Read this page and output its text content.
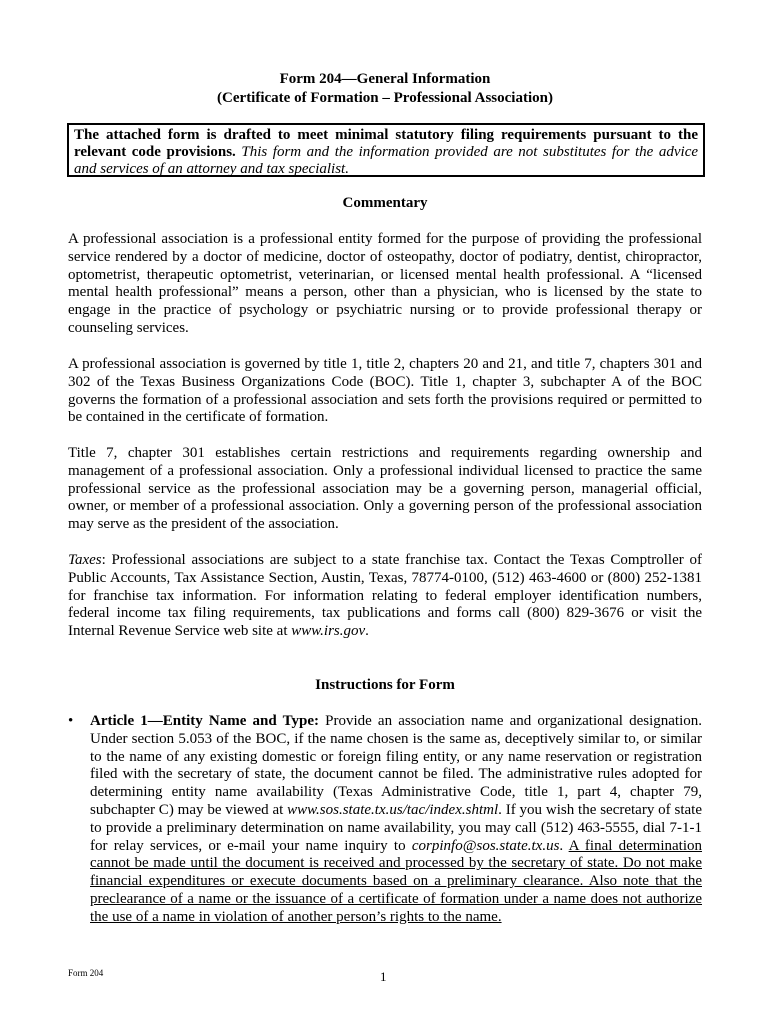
Form 204—General Information
(Certificate of Formation – Professional Association)
The attached form is drafted to meet minimal statutory filing requirements pursuant to the relevant code provisions. This form and the information provided are not substitutes for the advice and services of an attorney and tax specialist.
Commentary
A professional association is a professional entity formed for the purpose of providing the professional service rendered by a doctor of medicine, doctor of osteopathy, doctor of podiatry, dentist, chiropractor, optometrist, therapeutic optometrist, veterinarian, or licensed mental health professional. A “licensed mental health professional” means a person, other than a physician, who is licensed by the state to engage in the practice of psychology or psychiatric nursing or to provide professional therapy or counseling services.
A professional association is governed by title 1, title 2, chapters 20 and 21, and title 7, chapters 301 and 302 of the Texas Business Organizations Code (BOC). Title 1, chapter 3, subchapter A of the BOC governs the formation of a professional association and sets forth the provisions required or permitted to be contained in the certificate of formation.
Title 7, chapter 301 establishes certain restrictions and requirements regarding ownership and management of a professional association. Only a professional individual licensed to practice the same professional service as the professional association may be a governing person, managerial official, owner, or member of a professional association. Only a governing person of the professional association may serve as the president of the association.
Taxes: Professional associations are subject to a state franchise tax. Contact the Texas Comptroller of Public Accounts, Tax Assistance Section, Austin, Texas, 78774-0100, (512) 463-4600 or (800) 252-1381 for franchise tax information. For information relating to federal employer identification numbers, federal income tax filing requirements, tax publications and forms call (800) 829-3676 or visit the Internal Revenue Service web site at www.irs.gov.
Instructions for Form
• Article 1—Entity Name and Type: Provide an association name and organizational designation. Under section 5.053 of the BOC, if the name chosen is the same as, deceptively similar to, or similar to the name of any existing domestic or foreign filing entity, or any name reservation or registration filed with the secretary of state, the document cannot be filed. The administrative rules adopted for determining entity name availability (Texas Administrative Code, title 1, part 4, chapter 79, subchapter C) may be viewed at www.sos.state.tx.us/tac/index.shtml. If you wish the secretary of state to provide a preliminary determination on name availability, you may call (512) 463-5555, dial 7-1-1 for relay services, or e-mail your name inquiry to corpinfo@sos.state.tx.us. A final determination cannot be made until the document is received and processed by the secretary of state. Do not make financial expenditures or execute documents based on a preliminary clearance. Also note that the preclearance of a name or the issuance of a certificate of formation under a name does not authorize the use of a name in violation of another person’s rights to the name.
Form 204	1
